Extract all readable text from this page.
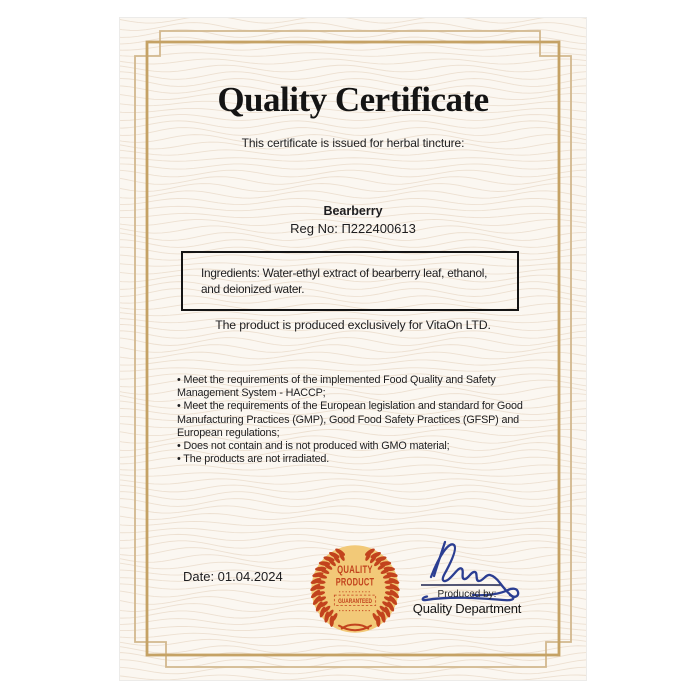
Quality Certificate
This certificate is issued for herbal tincture:
Bearberry
Reg No: П222400613
Ingredients: Water-ethyl extract of bearberry leaf, ethanol, and deionized water.
The product is produced exclusively for VitaOn LTD.
• Meet the requirements of the implemented Food Quality and Safety Management System - HACCP;
• Meet the requirements of the European legislation and standard for Good Manufacturing Practices (GMP), Good Food Safety Practices (GFSP) and European regulations;
• Does not contain and is not produced with GMO material;
• The products are not irradiated.
Date: 01.04.2024	QUALITY
PRODUCT
GUARANTEED
Produced by:
Quality Department
